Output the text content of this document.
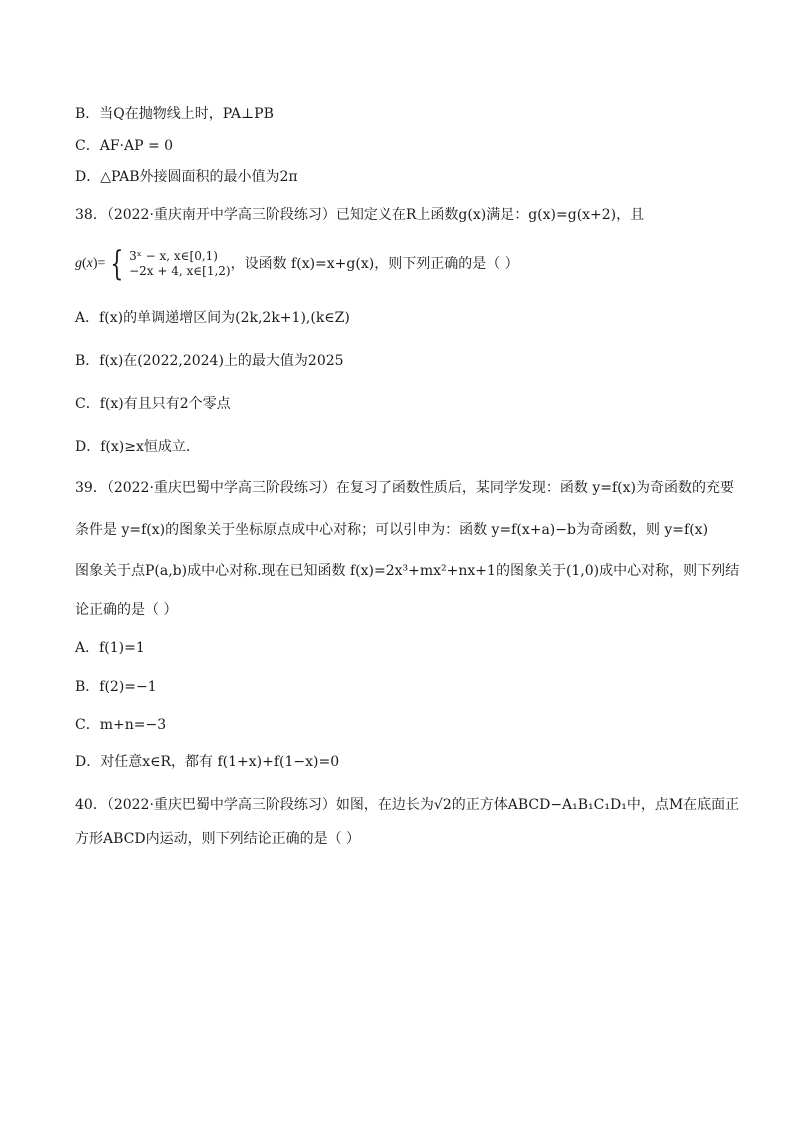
B．当Q在抛物线上时，PA⊥PB
C．AF·AP = 0
D．△PAB外接圆面积的最小值为2π
38．（2022·重庆南开中学高三阶段练习）已知定义在R上函数g(x)满足：g(x)=g(x+2)，且
g(x)= { 3ˣ − x, x∈[0,1)
−2x + 4, x∈[1,2) ，设函数 f(x)=x+g(x)，则下列正确的是（ ）
A．f(x)的单调递增区间为(2k,2k+1),(k∈Z)
B．f(x)在(2022,2024)上的最大值为2025
C．f(x)有且只有2个零点
D．f(x)≥x恒成立.
39．（2022·重庆巴蜀中学高三阶段练习）在复习了函数性质后，某同学发现：函数 y=f(x)为奇函数的充要
条件是 y=f(x)的图象关于坐标原点成中心对称；可以引申为：函数 y=f(x+a)−b为奇函数，则 y=f(x)
图象关于点P(a,b)成中心对称.现在已知函数 f(x)=2x³+mx²+nx+1的图象关于(1,0)成中心对称，则下列结
论正确的是（ ）
A．f(1)=1
B．f(2)=−1
C．m+n=−3
D．对任意x∈R，都有 f(1+x)+f(1−x)=0
40．（2022·重庆巴蜀中学高三阶段练习）如图，在边长为√2的正方体ABCD−A₁B₁C₁D₁中，点M在底面正
方形ABCD内运动，则下列结论正确的是（ ）
